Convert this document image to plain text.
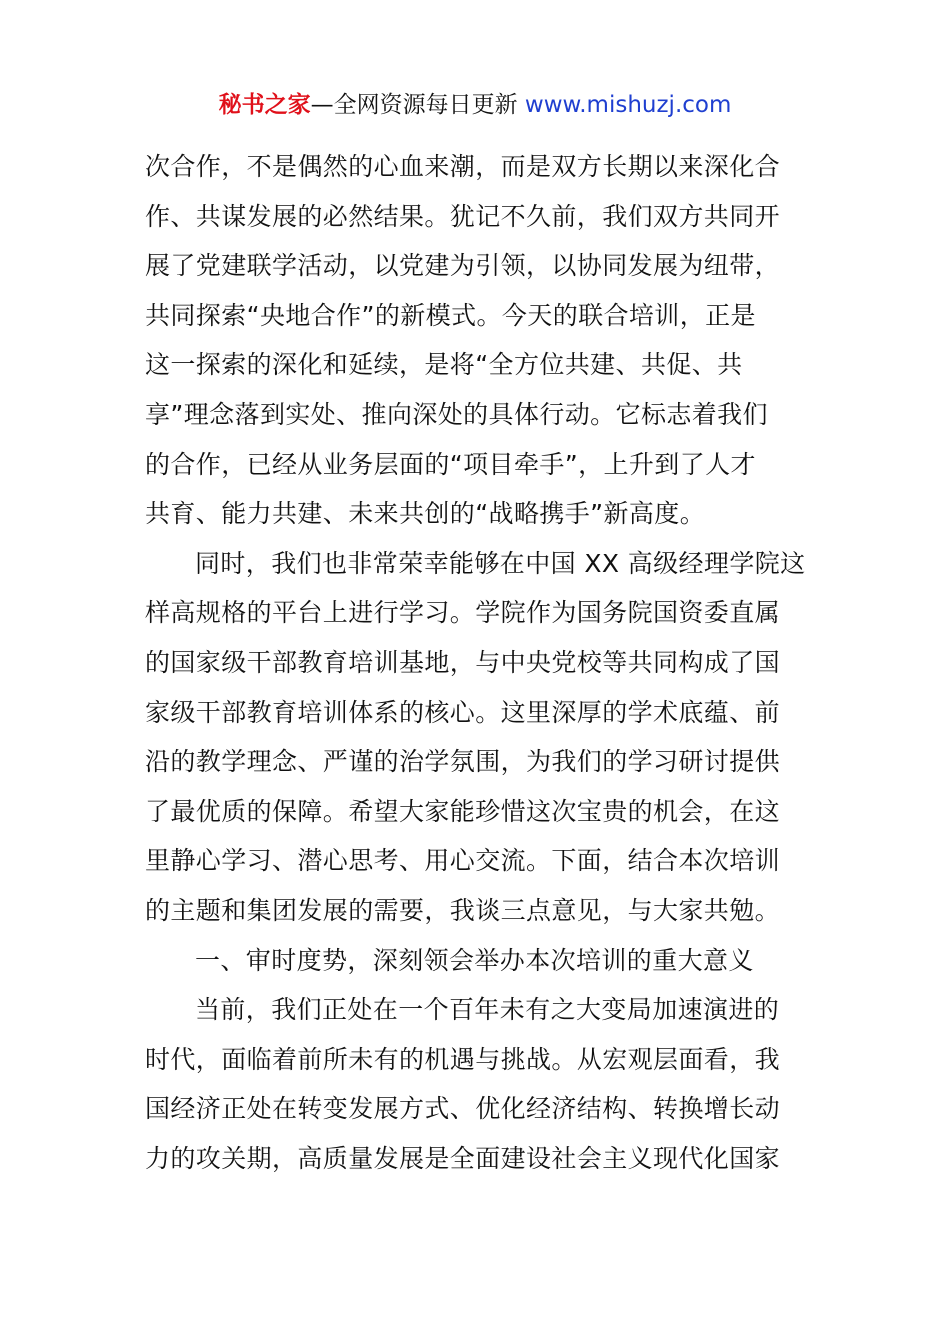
秘书之家—全网资源每日更新 www.mishuzj.com

次合作，不是偶然的心血来潮，而是双方长期以来深化合
作、共谋发展的必然结果。犹记不久前，我们双方共同开
展了党建联学活动，以党建为引领，以协同发展为纽带，
共同探索“央地合作”的新模式。今天的联合培训，正是
这一探索的深化和延续，是将“全方位共建、共促、共
享”理念落到实处、推向深处的具体行动。它标志着我们
的合作，已经从业务层面的“项目牵手”，上升到了人才
共育、能力共建、未来共创的“战略携手”新高度。

同时，我们也非常荣幸能够在中国 XX 高级经理学院这
样高规格的平台上进行学习。学院作为国务院国资委直属
的国家级干部教育培训基地，与中央党校等共同构成了国
家级干部教育培训体系的核心。这里深厚的学术底蕴、前
沿的教学理念、严谨的治学氛围，为我们的学习研讨提供
了最优质的保障。希望大家能珍惜这次宝贵的机会，在这
里静心学习、潜心思考、用心交流。下面，结合本次培训
的主题和集团发展的需要，我谈三点意见，与大家共勉。

一、审时度势，深刻领会举办本次培训的重大意义

当前，我们正处在一个百年未有之大变局加速演进的
时代，面临着前所未有的机遇与挑战。从宏观层面看，我
国经济正处在转变发展方式、优化经济结构、转换增长动
力的攻关期，高质量发展是全面建设社会主义现代化国家
